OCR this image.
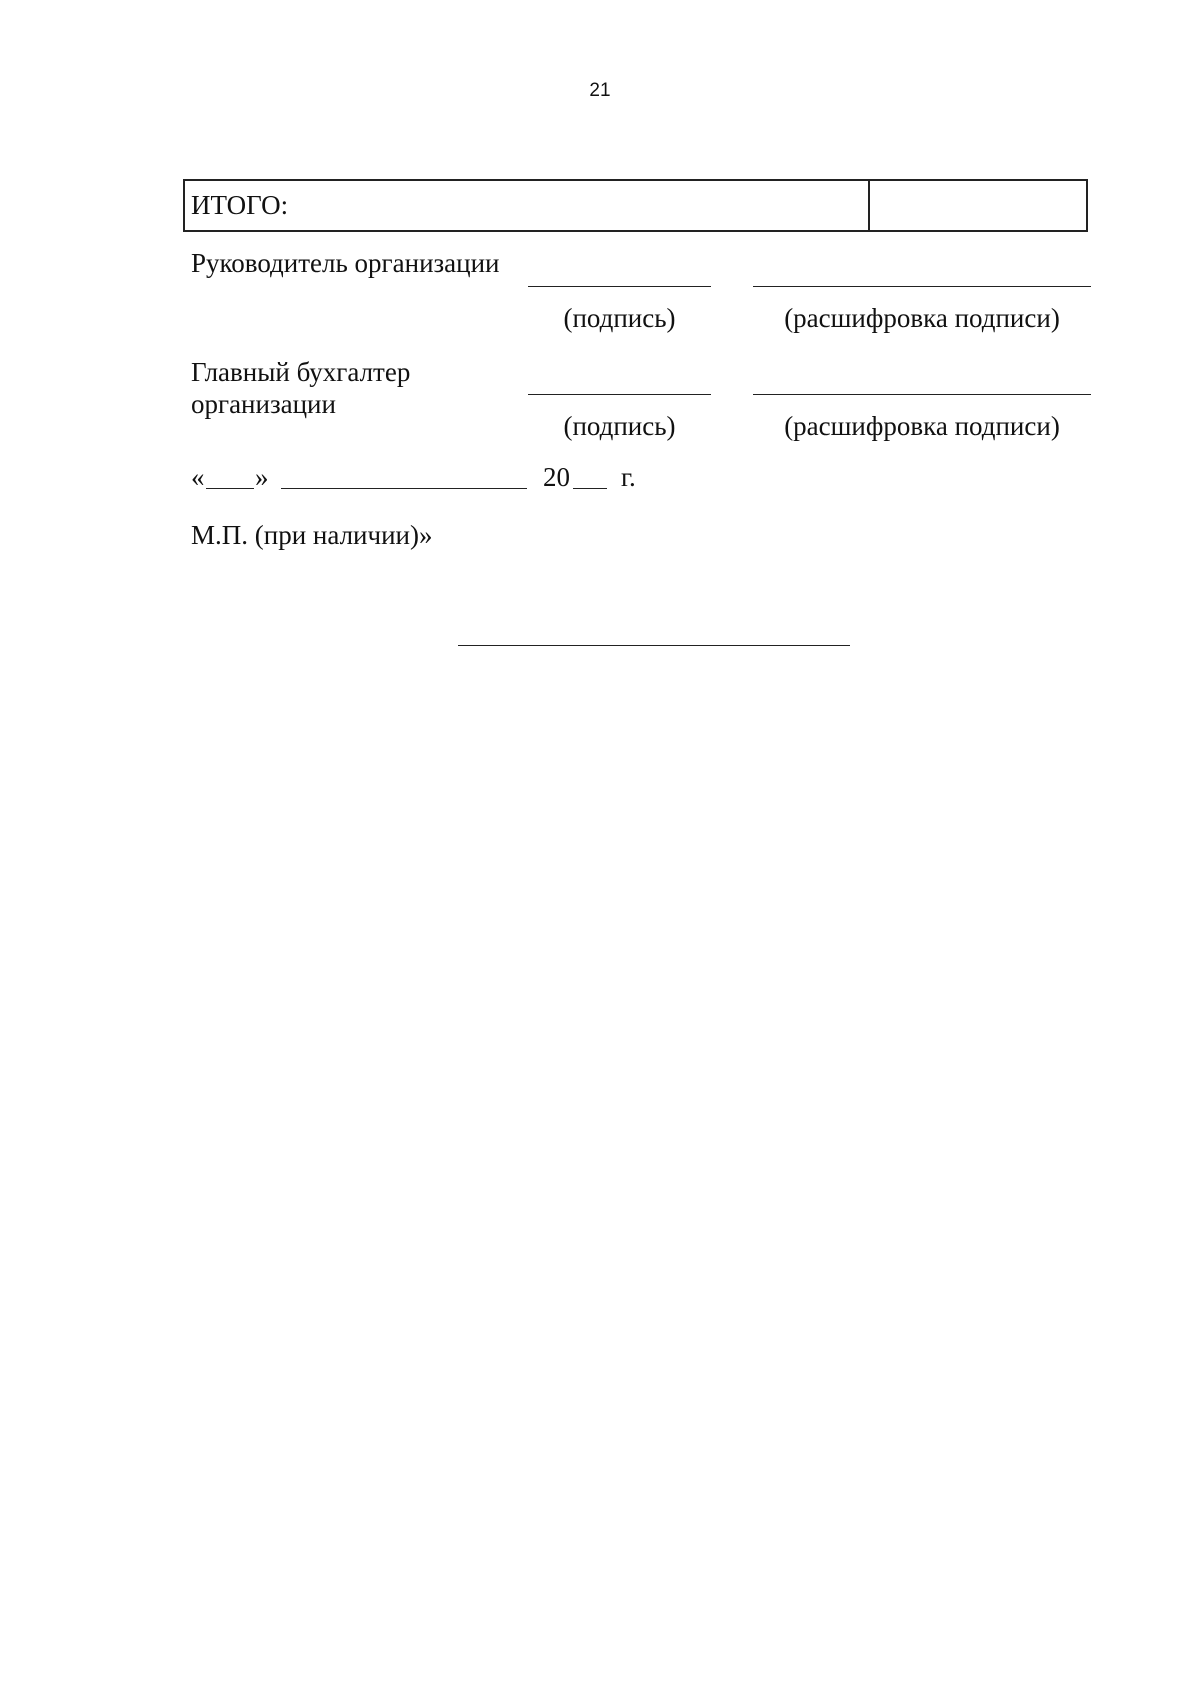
21
ИТОГО:
Руководитель организации
(подпись)	(расшифровка подписи)
Главный бухгалтер
организации
(подпись)	(расшифровка подписи)
« »	20 г.
М.П. (при наличии)»
